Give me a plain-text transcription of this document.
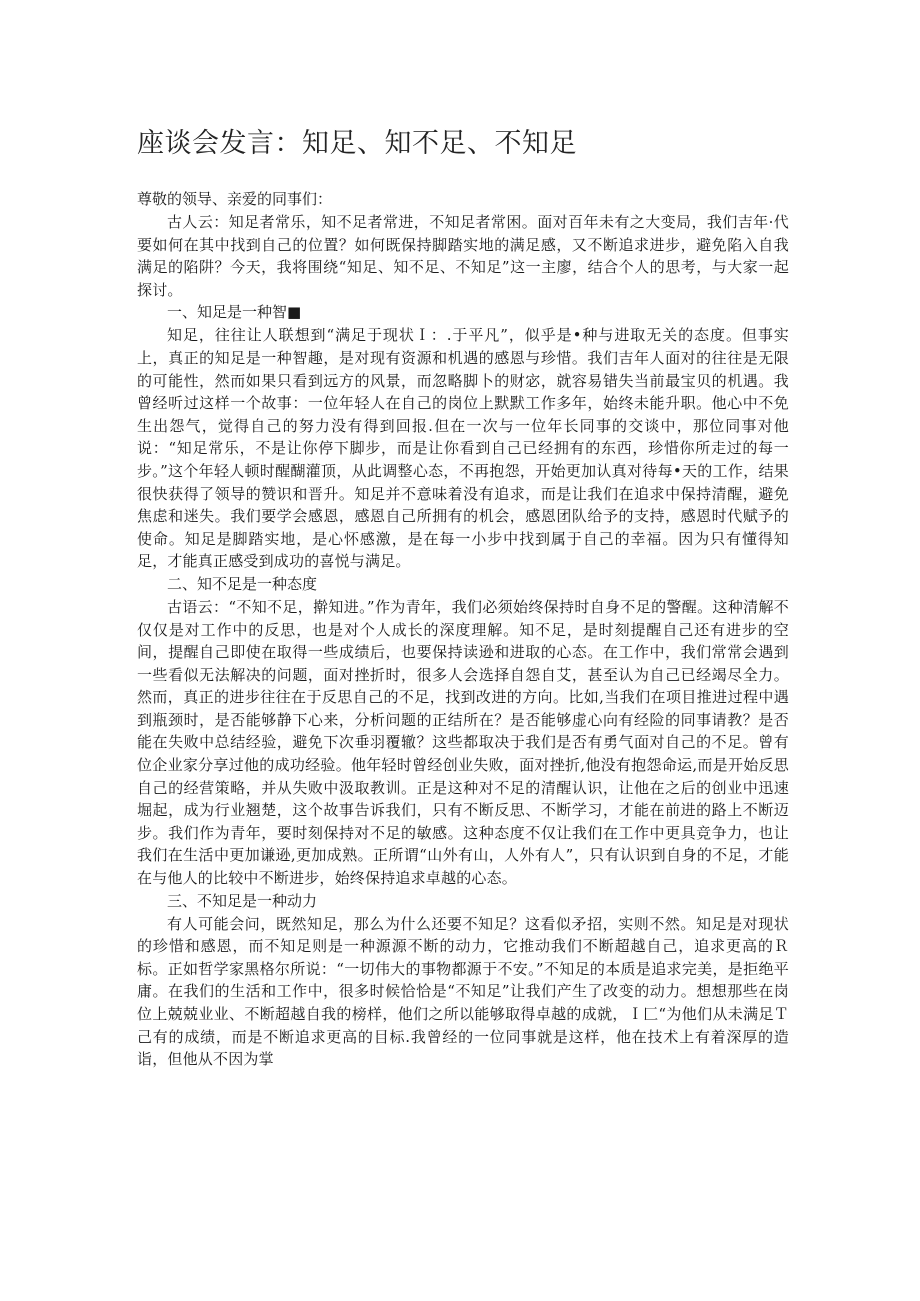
座谈会发言：知足、知不足、不知足

尊敬的领导、亲爱的同事们：

古人云：知足者常乐，知不足者常进，不知足者常困。面对百年未有之大变局，我们吉年·代要如何在其中找到自己的位置？如何既保持脚踏实地的满足感，又不断追求进步，避免陷入自我满足的陷阱？今天，我将围绕“知足、知不足、不知足”这一主廖，结合个人的思考，与大家一起探讨。

一、知足是一种智■

知足，往往让人联想到“满足于现状Ｉ：.于平凡”，似乎是•种与进取无关的态度。但事实上，真正的知足是一种智趣，是对现有资源和机遇的感恩与珍惜。我们吉年人面对的往往是无限的可能性，然而如果只看到远方的风景，而忽略脚卜的财宓，就容易错失当前最宝贝的机遇。我曾经听过这样一个故事：一位年轻人在自己的岗位上默默工作多年，始终未能升职。他心中不免生出怨气，觉得自己的努力没有得到回报.但在一次与一位年长同事的交谈中，那位同事对他说：“知足常乐，不是让你停下脚步，而是让你看到自己已经拥有的东西，珍惜你所走过的每一步。”这个年轻人顿时醒醐灌顶，从此调整心态，不再抱怨，开始更加认真对待每•天的工作，结果很快获得了领导的赞识和晋升。知足并不意味着没有追求，而是让我们在追求中保持清醒，避免焦虑和迷失。我们要学会感恩，感恩自己所拥有的机会，感恩团队给予的支持，感恩时代赋予的使命。知足是脚踏实地，是心怀感激，是在每一小步中找到属于自己的幸福。因为只有懂得知足，才能真正感受到成功的喜悦与满足。

二、知不足是一种态度

古语云：“不知不足，擀知进。”作为青年，我们必须始终保持时自身不足的警醒。这种清解不仅仅是对工作中的反思，也是对个人成长的深度理解。知不足，是时刻提醒自己还有进步的空间，提醒自己即使在取得一些成绩后，也要保持读逊和进取的心态。在工作中，我们常常会遇到一些看似无法解决的问题，面对挫折时，很多人会选择自怨自艾，甚至认为自己已经竭尽全力。然而，真正的进步往往在于反思自己的不足，找到改进的方向。比如,当我们在项目推进过程中遇到瓶颈时，是否能够静下心来，分析问题的正结所在？是否能够虚心向有经险的同事请教？是否能在失败中总结经验，避免下次垂羽覆辙？这些都取决于我们是否有勇气面对自己的不足。曾有位企业家分享过他的成功经验。他年轻时曾经创业失败，面对挫折,他没有抱怨命运,而是开始反思自己的经营策略，并从失败中汲取教训。正是这种对不足的清醒认识，让他在之后的创业中迅速堀起，成为行业翘楚，这个故事告诉我们，只有不断反思、不断学习，才能在前进的路上不断迈步。我们作为青年，要时刻保持对不足的敏感。这种态度不仅让我们在工作中更具竞争力，也让我们在生活中更加谦逊,更加成熟。正所谓“山外有山，人外有人”，只有认识到自身的不足，才能在与他人的比较中不断进步，始终保持追求卓越的心态。

三、不知足是一种动力

有人可能会问，既然知足，那么为什么还要不知足？这看似矛招，实则不然。知足是对现状的珍惜和感恩，而不知足则是一种源源不断的动力，它推动我们不断超越自己，追求更高的Ｒ标。正如哲学家黑格尔所说：“一切伟大的事物都源于不安。”不知足的本质是追求完美，是拒绝平庸。在我们的生活和工作中，很多时候恰恰是“不知足”让我们产生了改变的动力。想想那些在岗位上兢兢业业、不断超越自我的榜样，他们之所以能够取得卓越的成就，Ｉ匚“为他们从未满足Ｔ己有的成绩，而是不断追求更高的目标.我曾经的一位同事就是这样，他在技术上有着深厚的造诣，但他从不因为掌
